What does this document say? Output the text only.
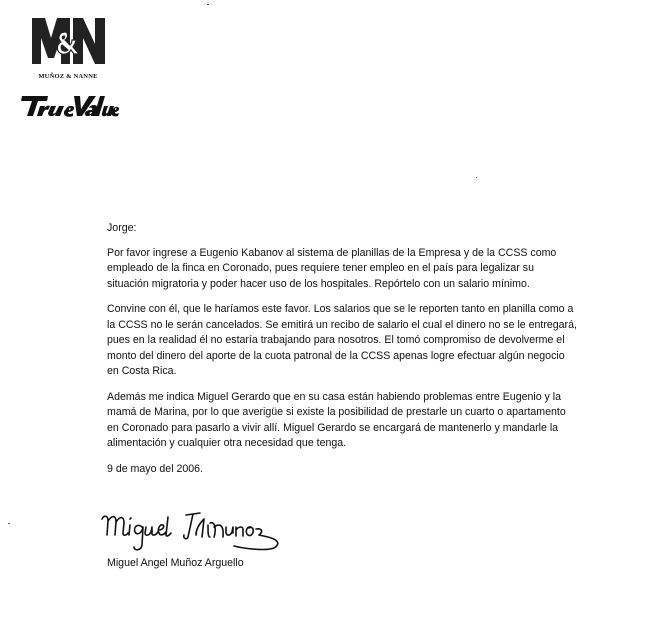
MUÑOZ & NANNE

Jorge:

Por favor ingrese a Eugenio Kabanov al sistema de planillas de la Empresa y de la CCSS como empleado de la finca en Coronado, pues requiere tener empleo en el país para legalizar su situación migratoria y poder hacer uso de los hospitales. Repórtelo con un salario mínimo.

Convine con él, que le haríamos este favor. Los salarios que se le reporten tanto en planilla como a la CCSS no le serán cancelados. Se emitirá un recibo de salario el cual el dinero no se le entregará, pues en la realidad él no estaría trabajando para nosotros. El tomó compromiso de devolverme el monto del dinero del aporte de la cuota patronal de la CCSS apenas logre efectuar algún negocio en Costa Rica.

Además me indica Miguel Gerardo que en su casa están habiendo problemas entre Eugenio y la mamá de Marina, por lo que averigüe si existe la posibilidad de prestarle un cuarto o apartamento en Coronado para pasarlo a vivir allí. Miguel Gerardo se encargará de mantenerlo y mandarle la alimentación y cualquier otra necesidad que tenga.

9 de mayo del 2006.

Miguel Angel Muñoz Arguello
